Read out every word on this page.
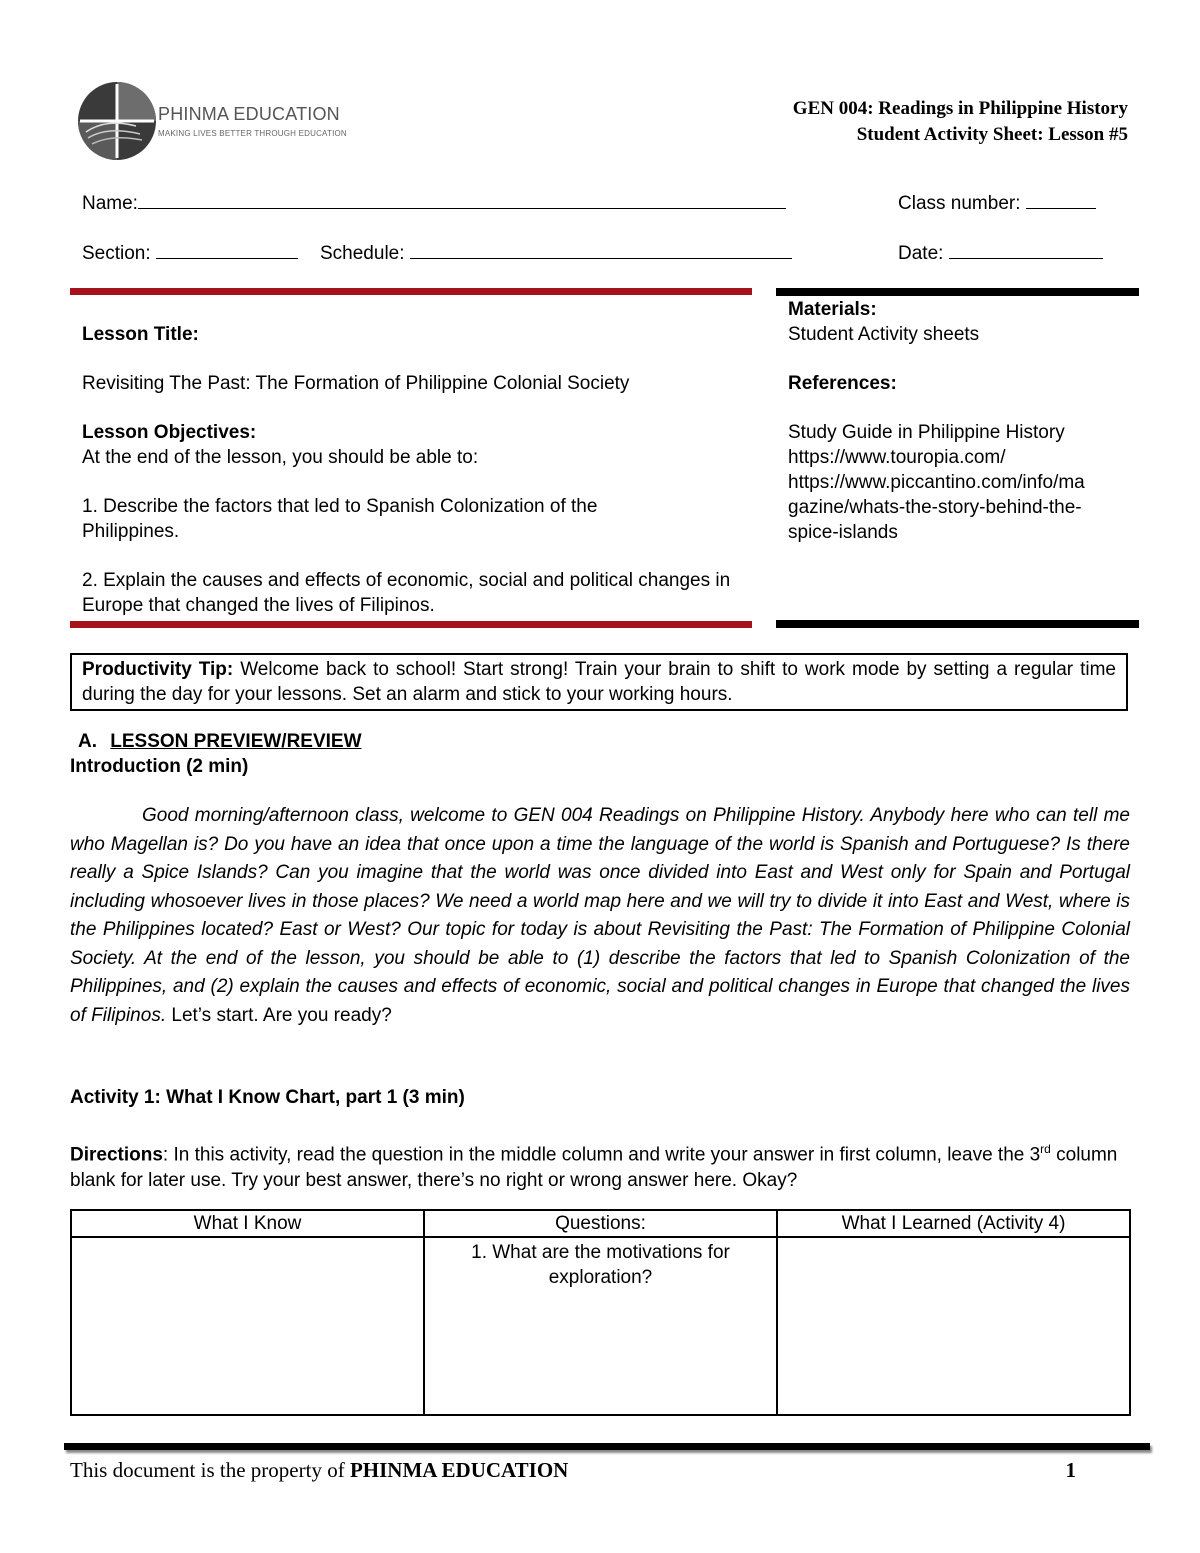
PHINMA EDUCATION
MAKING LIVES BETTER THROUGH EDUCATION
GEN 004: Readings in Philippine History
Student Activity Sheet: Lesson #5
Name:	Class number:
Section:	Schedule:	Date:
Lesson Title:
Revisiting The Past: The Formation of Philippine Colonial Society
Lesson Objectives:
At the end of the lesson, you should be able to:
1. Describe the factors that led to Spanish Colonization of the Philippines.
2. Explain the causes and effects of economic, social and political changes in Europe that changed the lives of Filipinos.
Materials:
Student Activity sheets
References:
Study Guide in Philippine History
https://www.touropia.com/
https://www.piccantino.com/info/ma
gazine/whats-the-story-behind-the-
spice-islands
Productivity Tip: Welcome back to school! Start strong! Train your brain to shift to work mode by setting a regular time during the day for your lessons. Set an alarm and stick to your working hours.
A. LESSON PREVIEW/REVIEW
Introduction (2 min)
Good morning/afternoon class, welcome to GEN 004 Readings on Philippine History. Anybody here who can tell me who Magellan is? Do you have an idea that once upon a time the language of the world is Spanish and Portuguese? Is there really a Spice Islands? Can you imagine that the world was once divided into East and West only for Spain and Portugal including whosoever lives in those places? We need a world map here and we will try to divide it into East and West, where is the Philippines located? East or West? Our topic for today is about Revisiting the Past: The Formation of Philippine Colonial Society. At the end of the lesson, you should be able to (1) describe the factors that led to Spanish Colonization of the Philippines, and (2) explain the causes and effects of economic, social and political changes in Europe that changed the lives of Filipinos. Let’s start. Are you ready?
Activity 1: What I Know Chart, part 1 (3 min)
Directions: In this activity, read the question in the middle column and write your answer in first column, leave the 3rd column blank for later use. Try your best answer, there’s no right or wrong answer here. Okay?
What I Know	Questions:	What I Learned (Activity 4)
	1. What are the motivations for exploration?	
This document is the property of PHINMA EDUCATION	1
